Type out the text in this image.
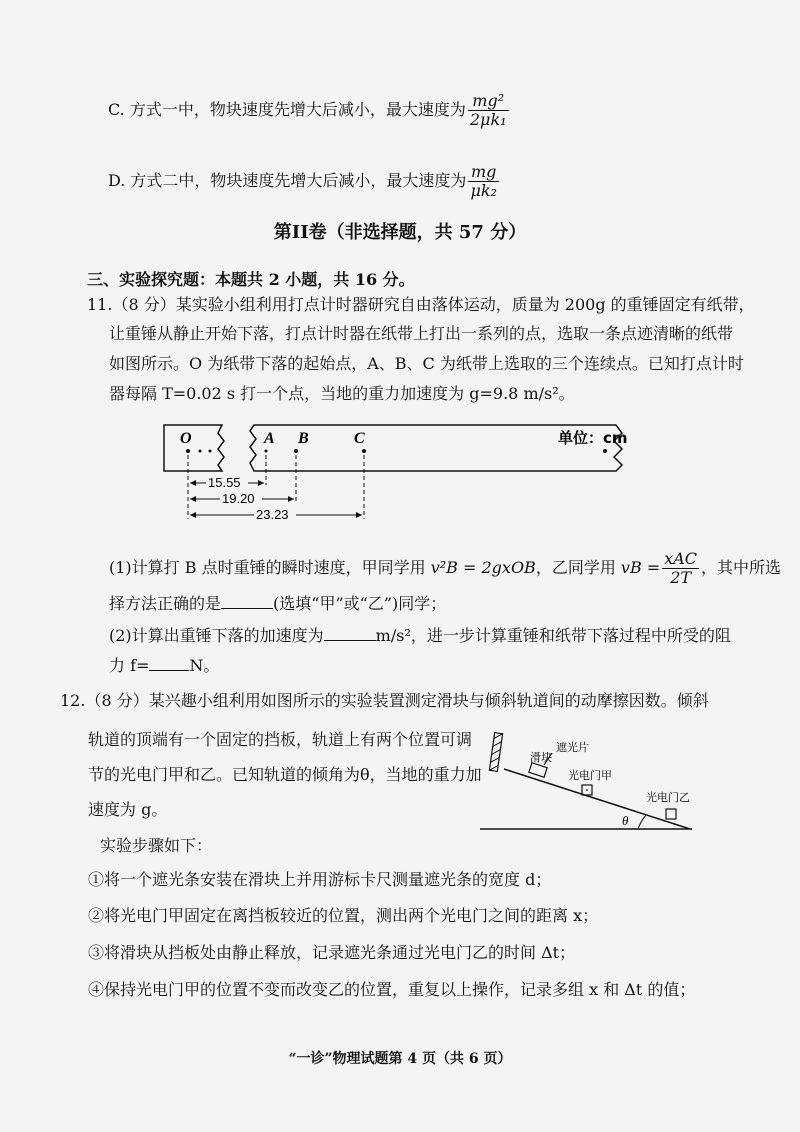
C. 方式一中，物块速度先增大后减小，最大速度为 $\frac{\text{mg²}}{\text{2μk₁}}$
D. 方式二中，物块速度先增大后减小，最大速度为 $\frac{mg}{\text{μk₂}}$
第II卷（非选择题，共 57 分）
三、实验探究题：本题共 2 小题，共 16 分。
11.（8 分）某实验小组利用打点计时器研究自由落体运动，质量为 200g 的重锤固定有纸带，
让重锤从静止开始下落，打点计时器在纸带上打出一系列的点，选取一条点迹清晰的纸带
如图所示。O 为纸带下落的起始点，A、B、C 为纸带上选取的三个连续点。已知打点计时
器每隔 T=0.02 s 打一个点，当地的重力加速度为 g=9.8 m/s²。
O	A B	C	单位：cm
15.55
19.20
23.23
(1)计算打 B 点时重锤的瞬时速度，甲同学用 v²B = 2gxOB，乙同学用 vB = $\frac{\text{xAC}}{2T}$ ，其中所选
择方法正确的是	(选填“甲”或“乙”)同学；
(2)计算出重锤下落的加速度为	m/s²，进一步计算重锤和纸带下落过程中所受的阻
力 f=	N。
12.（8 分）某兴趣小组利用如图所示的实验装置测定滑块与倾斜轨道间的动摩擦因数。倾斜
轨道的顶端有一个固定的挡板，轨道上有两个位置可调
节的光电门甲和乙。已知轨道的倾角为θ，当地的重力加
速度为 g。
θ
滑块
遮光片
光电门甲
光电门乙
实验步骤如下：
①将一个遮光条安装在滑块上并用游标卡尺测量遮光条的宽度 d；
②将光电门甲固定在离挡板较近的位置，测出两个光电门之间的距离 x；
③将滑块从挡板处由静止释放，记录遮光条通过光电门乙的时间 Δt；
④保持光电门甲的位置不变而改变乙的位置，重复以上操作，记录多组 x 和 Δt 的值；
“一诊”物理试题第 4 页（共 6 页）
